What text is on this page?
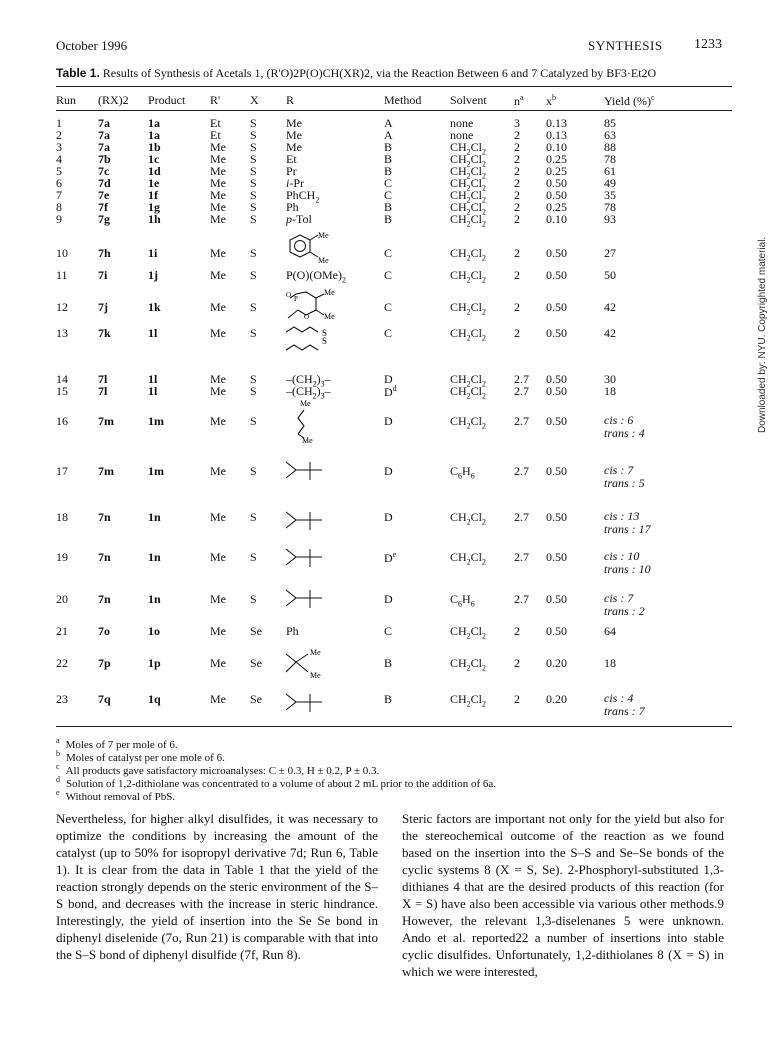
October 1996	SYNTHESIS 1233
Table 1. Results of Synthesis of Acetals 1, (R'O)2P(O)CH(XR)2, via the Reaction Between 6 and 7 Catalyzed by BF3·Et2O
Run (RX)2 Product R' X R	Method Solvent $n^a$ $x^b$	Yield (%)$^c$
1	7a	1a	Et S Me	A	none	3 0.13	85
2	7a	1a	Et S Me	A	none	2 0.13	63
3	7a	1b	Me S Me	B	$CH_2Cl_2$ 2 0.10	88
4	7b	1c	Me S Et	B	$CH_2Cl_2$ 2 0.25	78
5	7c	1d	Me S Pr	B	$CH_2Cl_2$ 2 0.25	61
6	7d	1e	Me S i-Pr	C	$CH_2Cl_2$ 2 0.50	49
7	7e	1f	Me S PhCH$_2$	C	$CH_2Cl_2$ 2 0.50	35
8	7f	1g	Me S Ph	B	$CH_2Cl_2$ 2 0.25	78
9	7g	1h	Me S p-Tol	B	$CH_2Cl_2$ 2 0.10	93
10	7h	1i	Me S	C	$CH_2Cl_2$ 2 0.50	27
11	7i	1j	Me S $P(O)(OMe)_2$	C	$CH_2Cl_2$ 2 0.50	50
12	7j	1k	Me S	C	$CH_2Cl_2$ 2 0.50	42
13	7k	1l	Me S	C	$CH_2Cl_2$ 2 0.50	42
14	7l	1l	Me S $-(CH_2)_3-$	D	$CH_2Cl_2$ 2.7 0.50	30
15	7l	1l	Me S $-(CH_2)_3-$	$D^d$	$CH_2Cl_2$ 2.7 0.50	18
16	7m	1m	Me S	D	$CH_2Cl_2$ 2.7 0.50	cis : 6
trans : 4
17	7m	1m	Me S	D	$C_6H_6$	2.7 0.50	cis : 7
trans : 5
18	7n	1n	Me S	D	$CH_2Cl_2$ 2.7 0.50	cis : 13
trans : 17
19	7n	1n	Me S	De	$CH_2Cl_2$ 2.7 0.50	cis : 10
trans : 10
20	7n	1n	Me S	D	$C_6H_6$	2.7 0.50	cis : 7
trans : 2
21	7o	1o	Me Se Ph	C	$CH_2Cl_2$ 2 0.50	64
22	7p	1p	Me Se	B	$CH_2Cl_2$ 2 0.20	18
23	7q	1q	Me Se	B	$CH_2Cl_2$ 2 0.20	cis : 4
trans : 7
Me
Me
O P
O
Me
Me
S
S
Me
Me
Me
Me
$^a$ Moles of 7 per mole of 6.
$^b$ Moles of catalyst per one mole of 6.
$^c$ All products gave satisfactory microanalyses: C ± 0.3, H ± 0.2, P ± 0.3.
$^d$ Solution of 1,2-dithiolane was concentrated to a volume of about 2 mL prior to the addition of 6a.
$^e$ Without removal of PbS.
Nevertheless, for higher alkyl disulfides, it was necessary to optimize the conditions by increasing the amount of the catalyst (up to 50% for isopropyl derivative 7d; Run 6, Table 1). It is clear from the data in Table 1 that the yield of the reaction strongly depends on the steric environment of the S–S bond, and decreases with the increase in steric hindrance. Interestingly, the yield of insertion into the Se Se bond in diphenyl diselenide (7o, Run 21) is comparable with that into the S–S bond of diphenyl disulfide (7f, Run 8).
Steric factors are important not only for the yield but also for the stereochemical outcome of the reaction as we found based on the insertion into the S–S and Se–Se bonds of the cyclic systems 8 (X = S, Se). 2-Phosphoryl-substituted 1,3-dithianes 4 that are the desired products of this reaction (for X = S) have also been accessible via various other methods.9 However, the relevant 1,3-diselenanes 5 were unknown. Ando et al. reported22 a number of insertions into stable cyclic disulfides. Unfortunately, 1,2-dithiolanes 8 (X = S) in which we were interested,
Downloaded by: NYU. Copyrighted material.
